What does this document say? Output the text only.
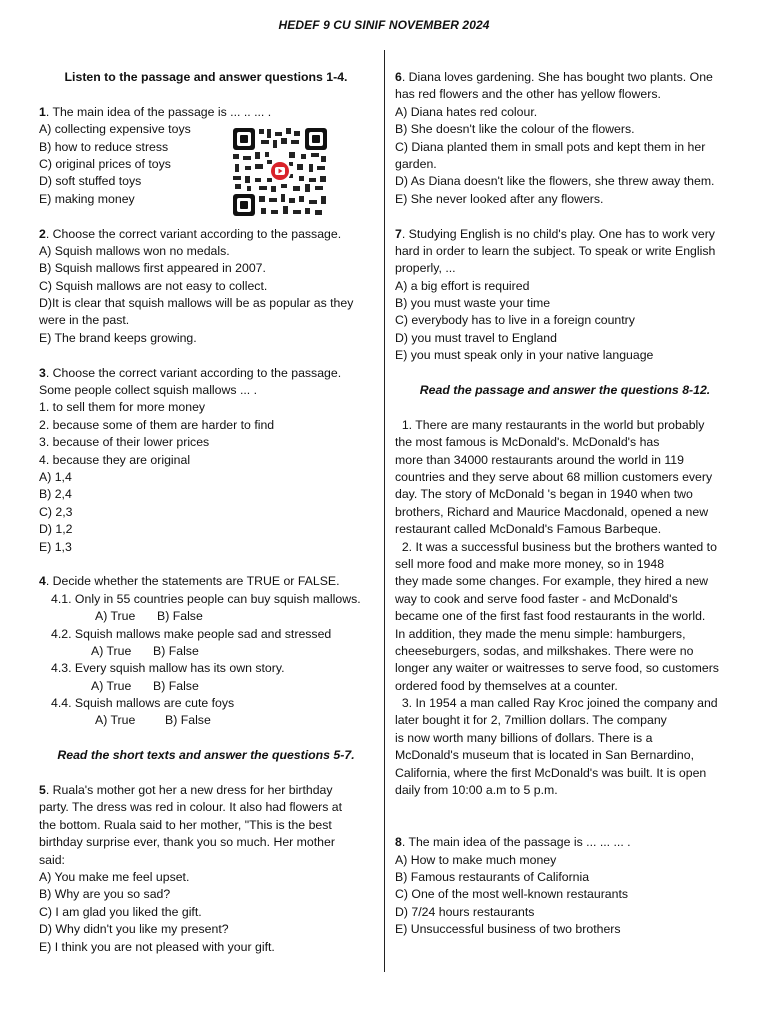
HEDEF 9 CU SINIF NOVEMBER 2024
Listen to the passage and answer questions 1-4.
1. The main idea of the passage is ... .. ... .
A) collecting expensive toys
B) how to reduce stress
C) original prices of toys
D) soft stuffed toys
E) making money
2. Choose the correct variant according to the passage.
A) Squish mallows won no medals.
B) Squish mallows first appeared in 2007.
C) Squish mallows are not easy to collect.
D)It is clear that squish mallows will be as popular as they
were in the past.
E) The brand keeps growing.
3. Choose the correct variant according to the passage.
Some people collect squish mallows ... .
1. to sell them for more money
2. because some of them are harder to find
3. because of their lower prices
4. because they are original
A) 1,4
B) 2,4
C) 2,3
D) 1,2
E) 1,3
4. Decide whether the statements are TRUE or FALSE.
4.1. Only in 55 countries people can buy squish mallows.
A) True B) False
4.2. Squish mallows make people sad and stressed
A) True B) False
4.3. Every squish mallow has its own story.
A) True B) False
4.4. Squish mallows are cute foys
A) True B) False
Read the short texts and answer the questions 5-7.
5. Ruala's mother got her a new dress for her birthday
party. The dress was red in colour. It also had flowers at
the bottom. Ruala said to her mother, "This is the best
birthday surprise ever, thank you so much. Her mother
said:
A) You make me feel upset.
B) Why are you so sad?
C) I am glad you liked the gift.
D) Why didn't you like my present?
E) I think you are not pleased with your gift.
6. Diana loves gardening. She has bought two plants. One
has red flowers and the other has yellow flowers.
A) Diana hates red colour.
B) She doesn't like the colour of the flowers.
C) Diana planted them in small pots and kept them in her
garden.
D) As Diana doesn't like the flowers, she threw away them.
E) She never looked after any flowers.
7. Studying English is no child's play. One has to work very
hard in order to learn the subject. To speak or write English
properly, ...
A) a big effort is required
B) you must waste your time
C) everybody has to live in a foreign country
D) you must travel to England
E) you must speak only in your native language
Read the passage and answer the questions 8-12.
1. There are many restaurants in the world but probably
the most famous is McDonald's. McDonald's has
more than 34000 restaurants around the world in 119
countries and they serve about 68 million customers every
day. The story of McDonald 's began in 1940 when two
brothers, Richard and Maurice Macdonald, opened a new
restaurant called McDonald's Famous Barbeque.
2. It was a successful business but the brothers wanted to
sell more food and make more money, so in 1948
they made some changes. For example, they hired a new
way to cook and serve food faster - and McDonald's
became one of the first fast food restaurants in the world.
In addition, they made the menu simple: hamburgers,
cheeseburgers, sodas, and milkshakes. There were no
longer any waiter or waitresses to serve food, so customers
ordered food by themselves at a counter.
3. In 1954 a man called Ray Kroc joined the company and
later bought it for 2, 7million dollars. The company
is now worth many billions of đollars. There is a
McDonald's museum that is located in San Bernardino,
California, where the first McDonald's was built. It is open
daily from 10:00 a.m to 5 p.m.
8. The main idea of the passage is ... ... ... .
A) How to make much money
B) Famous restaurants of California
C) One of the most well-known restaurants
D) 7/24 hours restaurants
E) Unsuccessful business of two brothers
